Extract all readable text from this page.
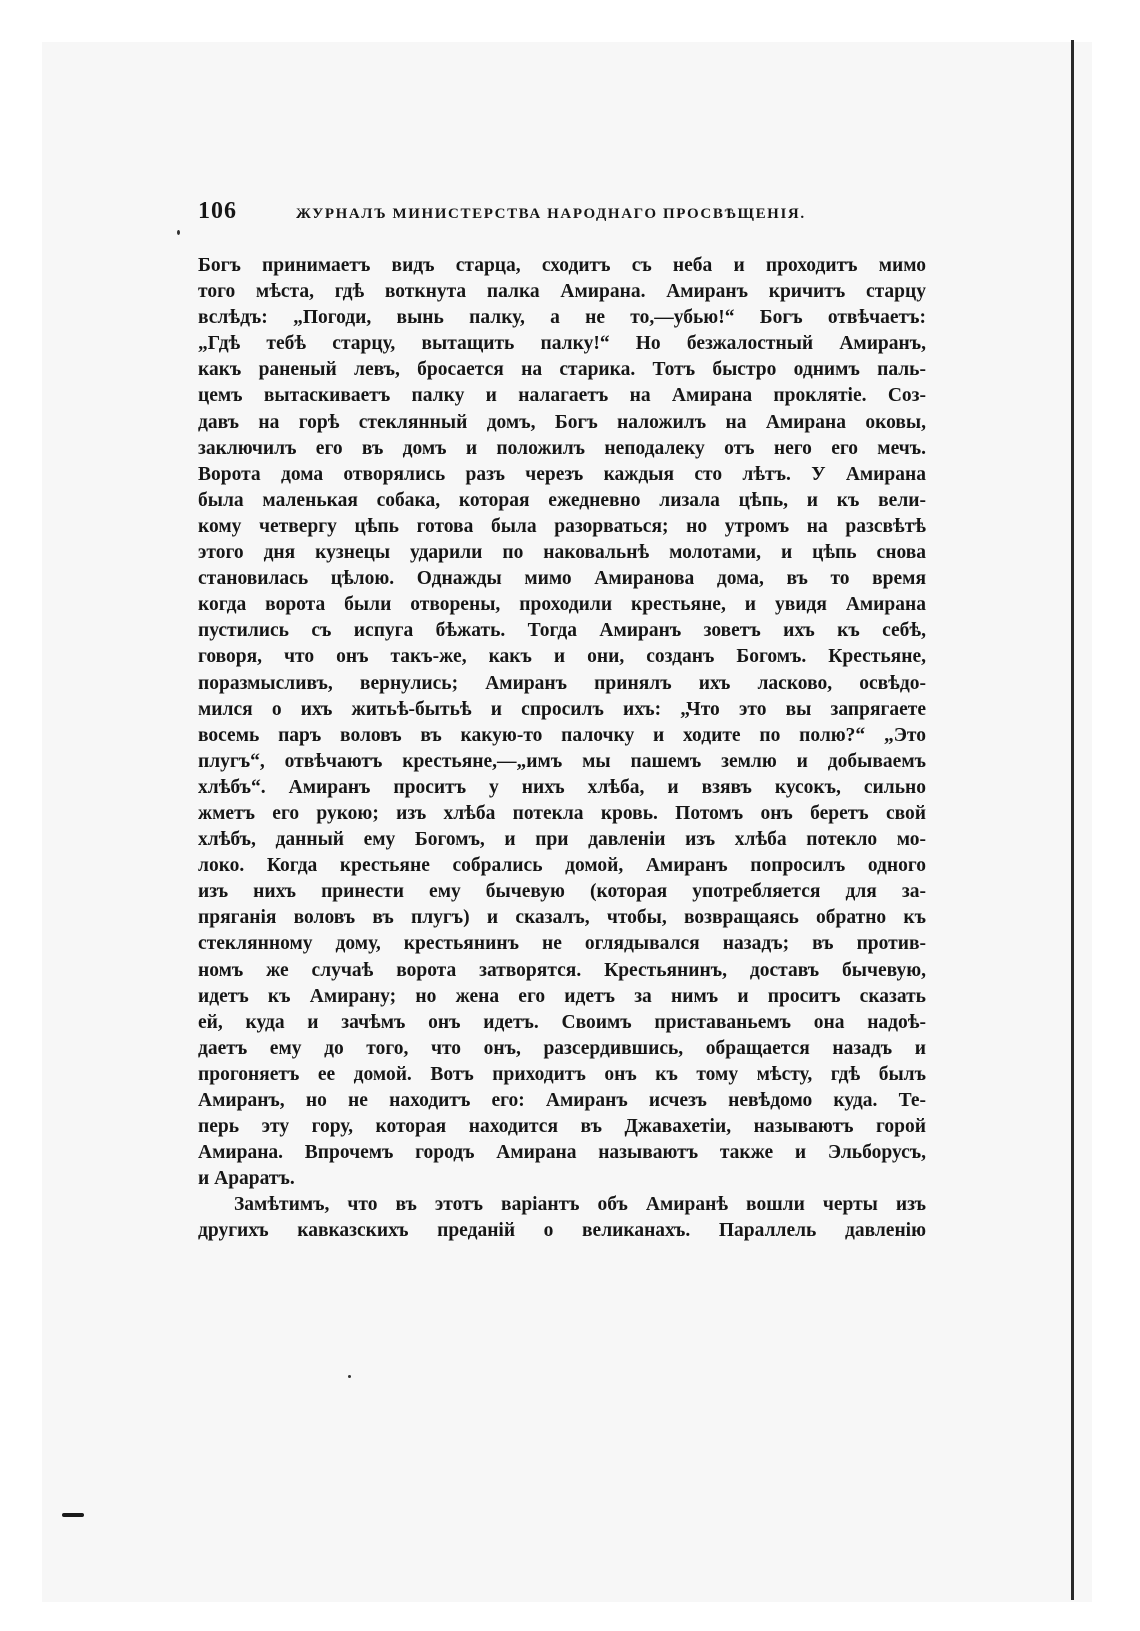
106	ЖУРНАЛЪ МИНИСТЕРСТВА НАРОДНАГО ПРОСВѢЩЕНІЯ.
Богъ принимаетъ видъ старца, сходитъ съ неба и проходитъ мимо
того мѣста, гдѣ воткнута палка Амирана. Амиранъ кричитъ старцу
вслѣдъ: „Погоди, вынь палку, а не то,—убью!“ Богъ отвѣчаетъ:
„Гдѣ тебѣ старцу, вытащить палку!“ Но безжалостный Амиранъ,
какъ раненый левъ, бросается на старика. Тотъ быстро однимъ паль-
цемъ вытаскиваетъ палку и налагаетъ на Амирана проклятіе. Соз-
давъ на горѣ стеклянный домъ, Богъ наложилъ на Амирана оковы,
заключилъ его въ домъ и положилъ неподалеку отъ него его мечъ.
Ворота дома отворялись разъ черезъ каждыя сто лѣтъ. У Амирана
была маленькая собака, которая ежедневно лизала цѣпь, и къ вели-
кому четвергу цѣпь готова была разорваться; но утромъ на разсвѣтѣ
этого дня кузнецы ударили по наковальнѣ молотами, и цѣпь снова
становилась цѣлою. Однажды мимо Амиранова дома, въ то время
когда ворота были отворены, проходили крестьяне, и увидя Амирана
пустились съ испуга бѣжать. Тогда Амиранъ зоветъ ихъ къ себѣ,
говоря, что онъ такъ-же, какъ и они, созданъ Богомъ. Крестьяне,
поразмысливъ, вернулись; Амиранъ принялъ ихъ ласково, освѣдо-
мился о ихъ житьѣ-бытьѣ и спросилъ ихъ: „Что это вы запрягаете
восемь паръ воловъ въ какую-то палочку и ходите по полю?“ „Это
плугъ“, отвѣчаютъ крестьяне,—„имъ мы пашемъ землю и добываемъ
хлѣбъ“. Амиранъ проситъ у нихъ хлѣба, и взявъ кусокъ, сильно
жметъ его рукою; изъ хлѣба потекла кровь. Потомъ онъ беретъ свой
хлѣбъ, данный ему Богомъ, и при давленіи изъ хлѣба потекло мо-
локо. Когда крестьяне собрались домой, Амиранъ попросилъ одного
изъ нихъ принести ему бычевую (которая употребляется для за-
пряганія воловъ въ плугъ) и сказалъ, чтобы, возвращаясь обратно къ
стеклянному дому, крестьянинъ не оглядывался назадъ; въ против-
номъ же случаѣ ворота затворятся. Крестьянинъ, доставъ бычевую,
идетъ къ Амирану; но жена его идетъ за нимъ и проситъ сказать
ей, куда и зачѣмъ онъ идетъ. Своимъ приставаньемъ она надоѣ-
даетъ ему до того, что онъ, разсердившись, обращается назадъ и
прогоняетъ ее домой. Вотъ приходитъ онъ къ тому мѣсту, гдѣ былъ
Амиранъ, но не находитъ его: Амиранъ исчезъ невѣдомо куда. Те-
перь эту гору, которая находится въ Джавахетіи, называютъ горой
Амирана. Впрочемъ городъ Амирана называютъ также и Эльборусъ,
и Араратъ.
Замѣтимъ, что въ этотъ варіантъ объ Амиранѣ вошли черты изъ
другихъ кавказскихъ преданій о великанахъ. Параллель давленію
